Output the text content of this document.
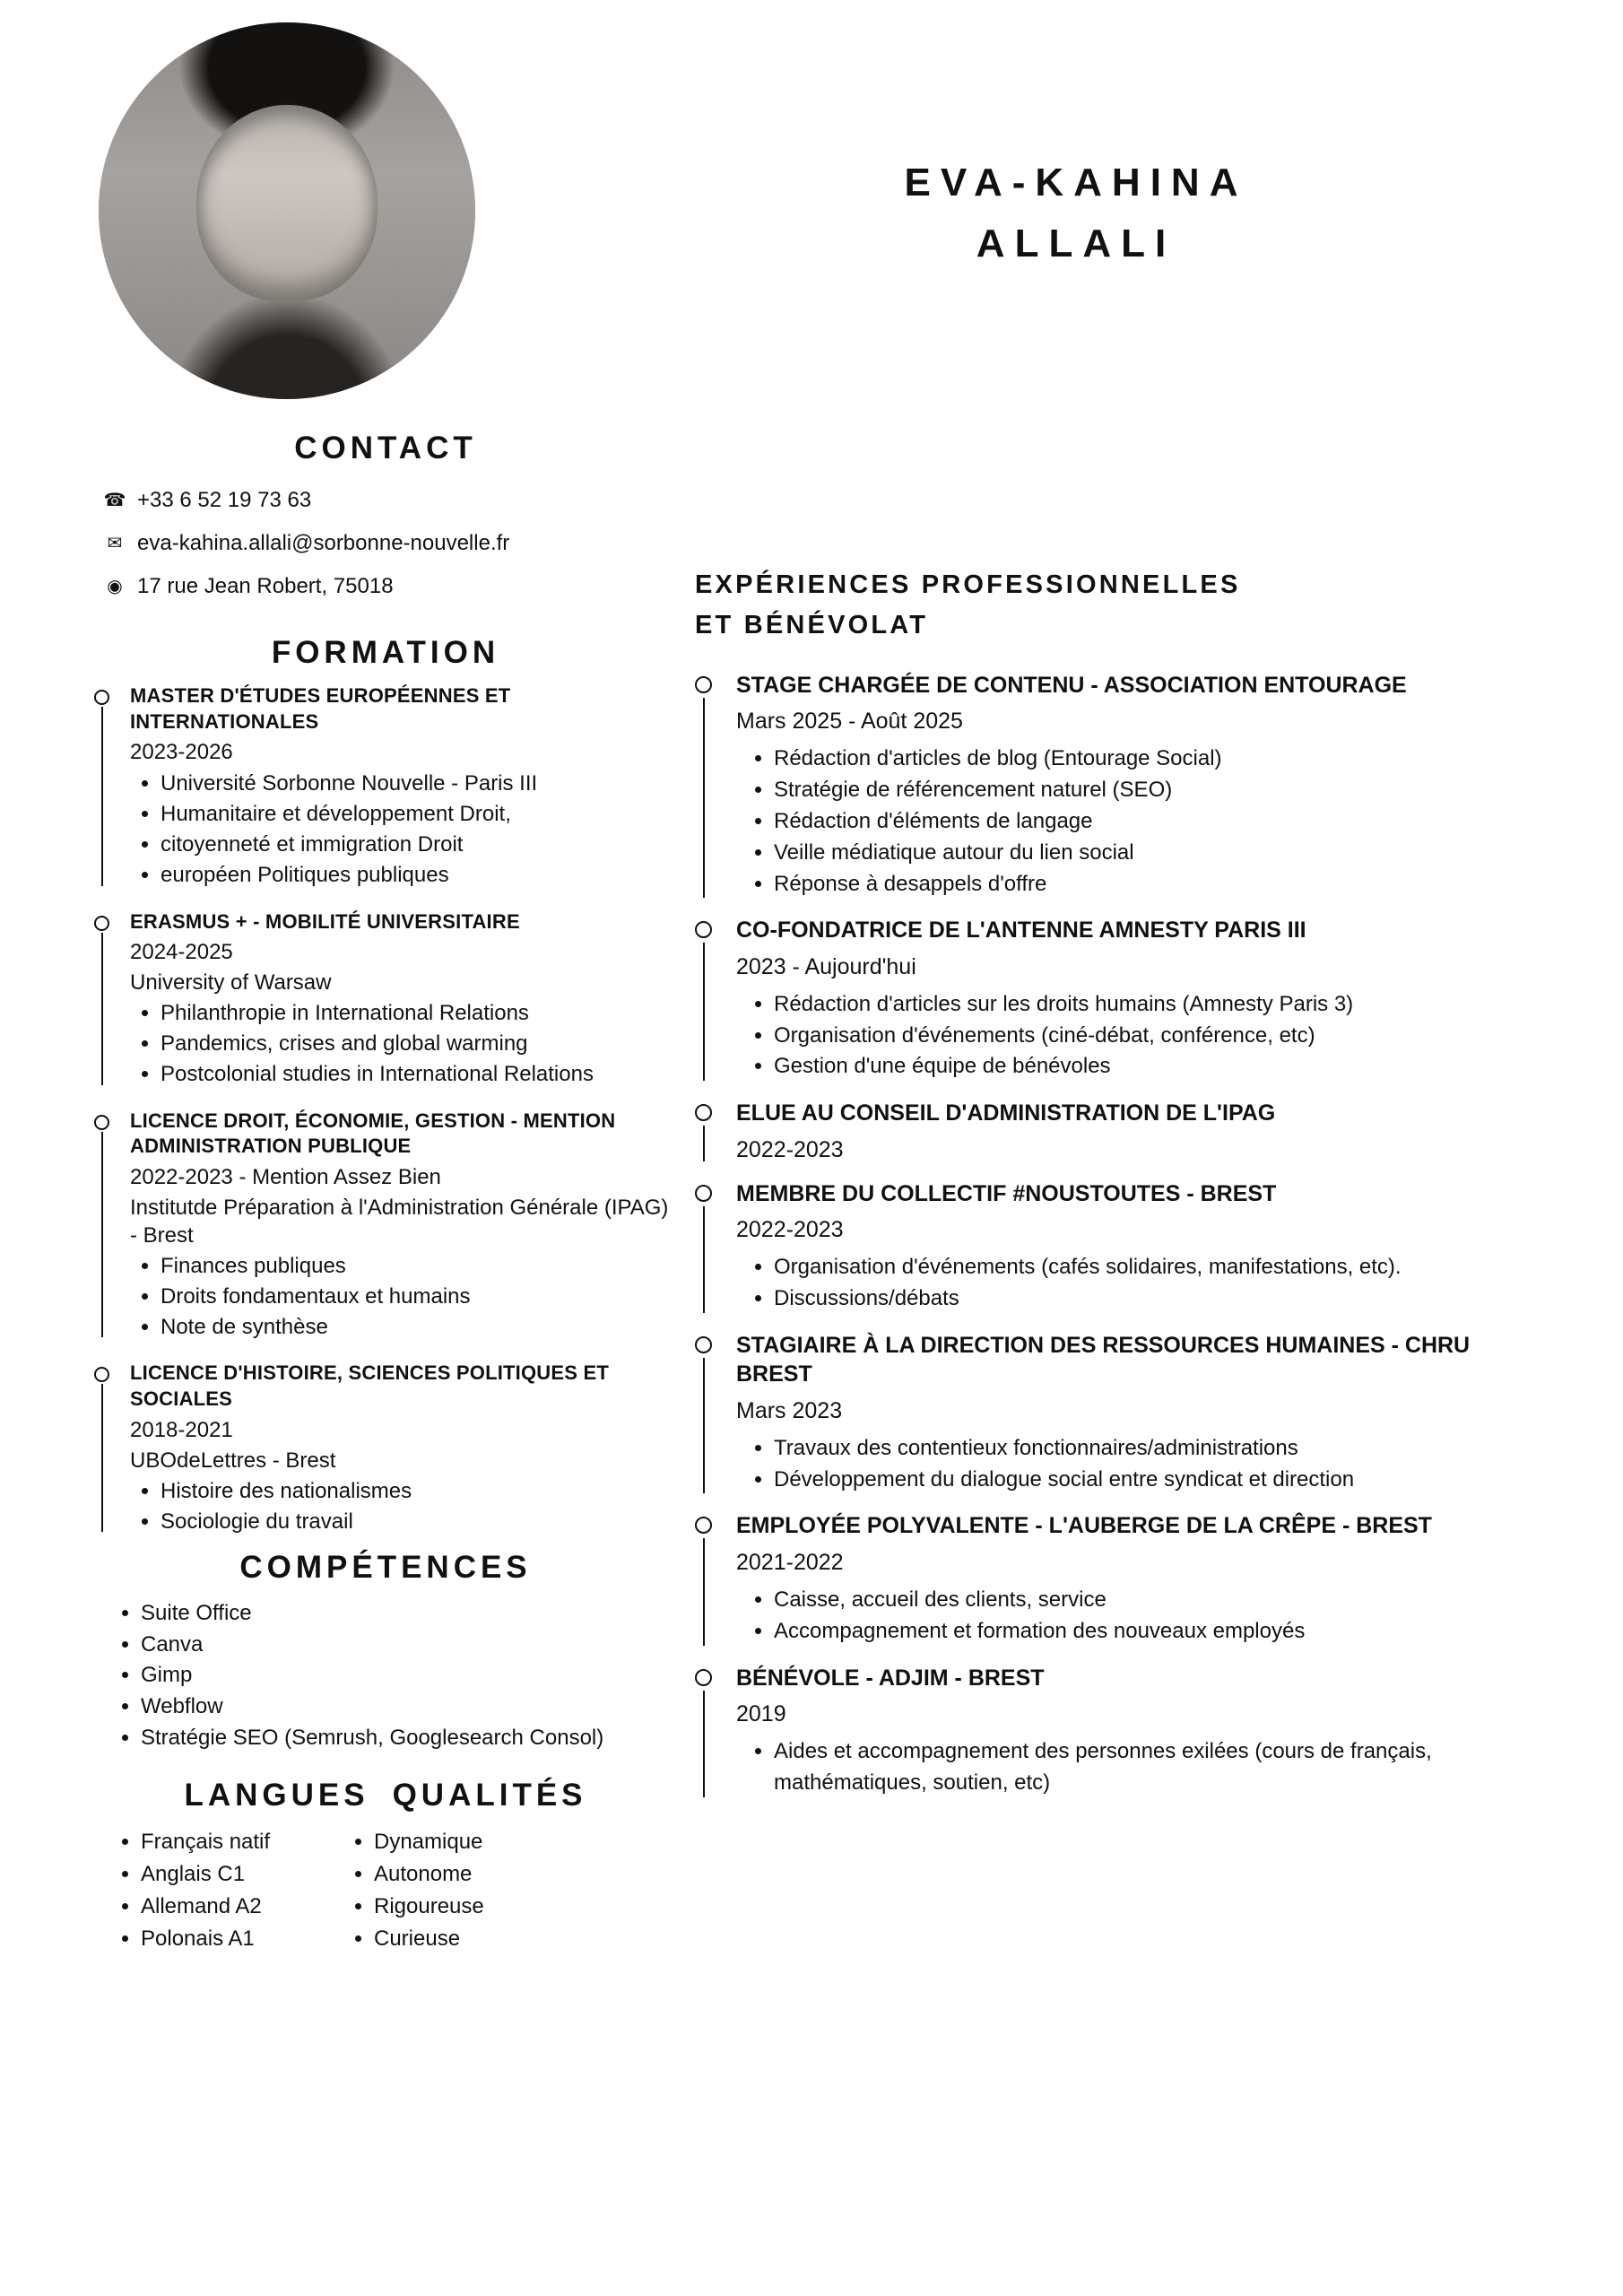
EVA-KAHINA
ALLALI
CONTACT
☎ +33 6 52 19 73 63
✉ eva-kahina.allali@sorbonne-nouvelle.fr
◉ 17 rue Jean Robert, 75018
FORMATION

MASTER D'ÉTUDES EUROPÉENNES ET INTERNATIONALES

2023-2026

• Université Sorbonne Nouvelle - Paris III
• Humanitaire et développement Droit,
• citoyenneté et immigration Droit
• européen Politiques publiques

ERASMUS + - MOBILITÉ UNIVERSITAIRE

2024-2025

University of Warsaw

• Philanthropie in International Relations
• Pandemics, crises and global warming
• Postcolonial studies in International Relations

LICENCE DROIT, ÉCONOMIE, GESTION - MENTION ADMINISTRATION PUBLIQUE

2022-2023 - Mention Assez Bien

Institutde Préparation à l'Administration Générale (IPAG) - Brest

• Finances publiques
• Droits fondamentaux et humains
• Note de synthèse

LICENCE D'HISTOIRE, SCIENCES POLITIQUES ET SOCIALES

2018-2021

UBOdeLettres - Brest

• Histoire des nationalismes
• Sociologie du travail
COMPÉTENCES
• Suite Office
• Canva
• Gimp
• Webflow
• Stratégie SEO (Semrush, Googlesearch Consol)
LANGUES QUALITÉS
• Français natif
• Anglais C1
• Allemand A2
• Polonais A1
• Dynamique
• Autonome
• Rigoureuse
• Curieuse
EXPÉRIENCES PROFESSIONNELLES
ET BÉNÉVOLAT

STAGE CHARGÉE DE CONTENU - ASSOCIATION ENTOURAGE

Mars 2025 - Août 2025

• Rédaction d'articles de blog (Entourage Social)
• Stratégie de référencement naturel (SEO)
• Rédaction d'éléments de langage
• Veille médiatique autour du lien social
• Réponse à desappels d'offre

CO-FONDATRICE DE L'ANTENNE AMNESTY PARIS III

2023 - Aujourd'hui

• Rédaction d'articles sur les droits humains (Amnesty Paris 3)
• Organisation d'événements (ciné-débat, conférence, etc)
• Gestion d'une équipe de bénévoles

ELUE AU CONSEIL D'ADMINISTRATION DE L'IPAG

2022-2023

MEMBRE DU COLLECTIF #NOUSTOUTES - BREST

2022-2023

• Organisation d'événements (cafés solidaires, manifestations, etc).
• Discussions/débats

STAGIAIRE À LA DIRECTION DES RESSOURCES HUMAINES - CHRU BREST

Mars 2023

• Travaux des contentieux fonctionnaires/administrations
• Développement du dialogue social entre syndicat et direction

EMPLOYÉE POLYVALENTE - L'AUBERGE DE LA CRÊPE - BREST

2021-2022

• Caisse, accueil des clients, service
• Accompagnement et formation des nouveaux employés

BÉNÉVOLE - ADJIM - BREST

2019

• Aides et accompagnement des personnes exilées (cours de français, mathématiques, soutien, etc)
